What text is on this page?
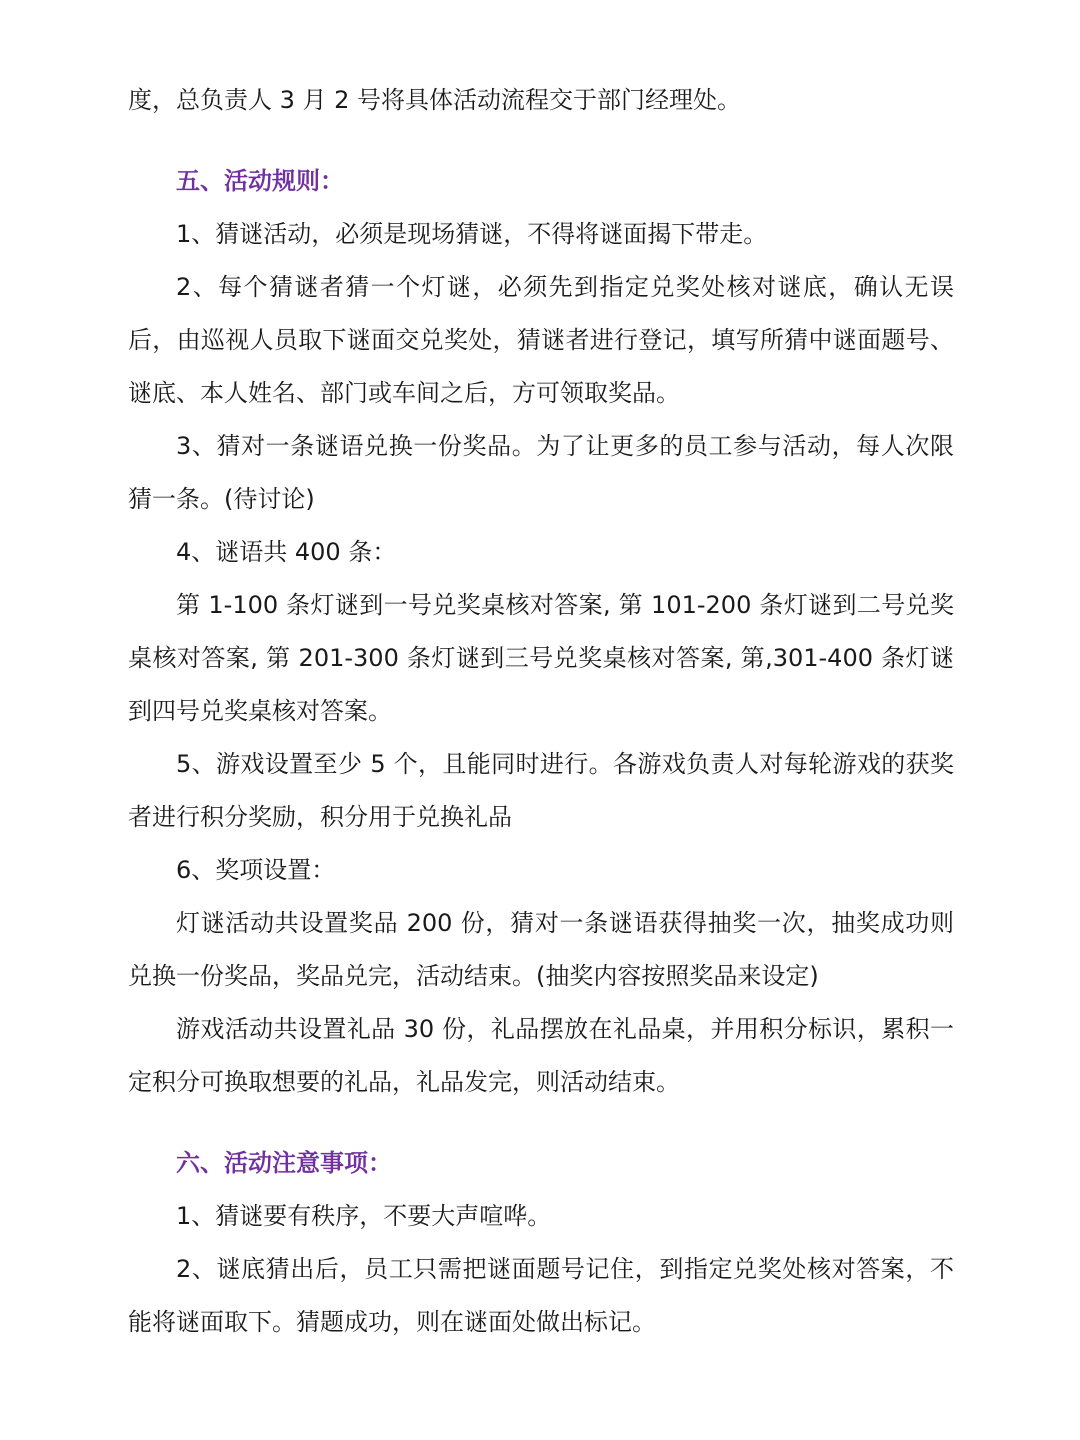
度，总负责人 3 月 2 号将具体活动流程交于部门经理处。

五、活动规则：

1、猜谜活动，必须是现场猜谜，不得将谜面揭下带走。

2、每个猜谜者猜一个灯谜，必须先到指定兑奖处核对谜底，确认无误后，由巡视人员取下谜面交兑奖处，猜谜者进行登记，填写所猜中谜面题号、谜底、本人姓名、部门或车间之后，方可领取奖品。

3、猜对一条谜语兑换一份奖品。为了让更多的员工参与活动，每人次限猜一条。(待讨论)

4、谜语共 400 条：

第 1-100 条灯谜到一号兑奖桌核对答案, 第 101-200 条灯谜到二号兑奖桌核对答案, 第 201-300 条灯谜到三号兑奖桌核对答案, 第,301-400 条灯谜到四号兑奖桌核对答案。

5、游戏设置至少 5 个，且能同时进行。各游戏负责人对每轮游戏的获奖者进行积分奖励，积分用于兑换礼品

6、奖项设置：

灯谜活动共设置奖品 200 份，猜对一条谜语获得抽奖一次，抽奖成功则兑换一份奖品，奖品兑完，活动结束。(抽奖内容按照奖品来设定)

游戏活动共设置礼品 30 份，礼品摆放在礼品桌，并用积分标识，累积一定积分可换取想要的礼品，礼品发完，则活动结束。

六、活动注意事项：

1、猜谜要有秩序，不要大声喧哗。

2、谜底猜出后，员工只需把谜面题号记住，到指定兑奖处核对答案，不能将谜面取下。猜题成功，则在谜面处做出标记。
